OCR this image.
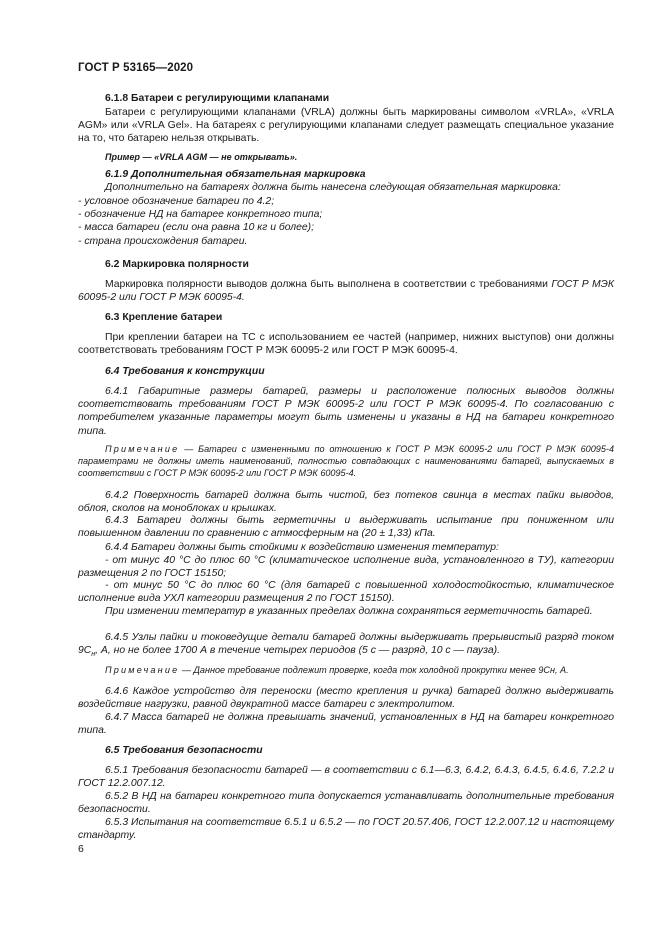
ГОСТ Р 53165—2020
6.1.8 Батареи с регулирующими клапанами
Батареи с регулирующими клапанами (VRLA) должны быть маркированы символом «VRLA», «VRLA AGM» или «VRLA Gel». На батареях с регулирующими клапанами следует размещать специальное указание на то, что батарею нельзя открывать.
Пример — «VRLA AGM — не открывать».
6.1.9 Дополнительная обязательная маркировка
Дополнительно на батареях должна быть нанесена следующая обязательная маркировка:

- условное обозначение батареи по 4.2;

- обозначение НД на батарее конкретного типа;

- масса батареи (если она равна 10 кг и более);

- страна происхождения батареи.

6.2 Маркировка полярности
Маркировка полярности выводов должна быть выполнена в соответствии с требованиями ГОСТ Р МЭК 60095-2 или ГОСТ Р МЭК 60095-4.
6.3 Крепление батареи
При креплении батареи на ТС с использованием ее частей (например, нижних выступов) они должны соответствовать требованиям ГОСТ Р МЭК 60095-2 или ГОСТ Р МЭК 60095-4.
6.4 Требования к конструкции
6.4.1 Габаритные размеры батарей, размеры и расположение полюсных выводов должны соответствовать требованиям ГОСТ Р МЭК 60095-2 или ГОСТ Р МЭК 60095-4. По согласованию с потребителем указанные параметры могут быть изменены и указаны в НД на батареи конкретного типа.
Примечание — Батареи с измененными по отношению к ГОСТ Р МЭК 60095-2 или ГОСТ Р МЭК 60095-4 параметрами не должны иметь наименований, полностью совпадающих с наименованиями батарей, выпускаемых в соответствии с ГОСТ Р МЭК 60095-2 или ГОСТ Р МЭК 60095-4.
6.4.2 Поверхность батарей должна быть чистой, без потеков свинца в местах пайки выводов, облоя, сколов на моноблоках и крышках.
6.4.3 Батареи должны быть герметичны и выдерживать испытание при пониженном или повышенном давлении по сравнению с атмосферным на (20 ± 1,33) кПа.
6.4.4 Батареи должны быть стойкими к воздействию изменения температур:
- от минус 40 °С до плюс 60 °С (климатическое исполнение вида, установленного в ТУ), категории размещения 2 по ГОСТ 15150;
- от минус 50 °С до плюс 60 °С (для батарей с повышенной холодостойкостью, климатическое исполнение вида УХЛ категории размещения 2 по ГОСТ 15150).
При изменении температур в указанных пределах должна сохраняться герметичность батарей.
6.4.5 Узлы пайки и токоведущие детали батарей должны выдерживать прерывистый разряд током $9С_н$, А, но не более 1700 А в течение четырех периодов (5 с — разряд, 10 с — пауза).
Примечание — Данное требование подлежит проверке, когда ток холодной прокрутки менее 9Сн, А.
6.4.6 Каждое устройство для переноски (место крепления и ручка) батарей должно выдерживать воздействие нагрузки, равной двукратной массе батареи с электролитом.
6.4.7 Масса батарей не должна превышать значений, установленных в НД на батареи конкретного типа.
6.5 Требования безопасности
6.5.1 Требования безопасности батарей — в соответствии с 6.1—6.3, 6.4.2, 6.4.3, 6.4.5, 6.4.6, 7.2.2 и ГОСТ 12.2.007.12.
6.5.2 В НД на батареи конкретного типа допускается устанавливать дополнительные требования безопасности.
6.5.3 Испытания на соответствие 6.5.1 и 6.5.2 — по ГОСТ 20.57.406, ГОСТ 12.2.007.12 и настоящему стандарту.
6
